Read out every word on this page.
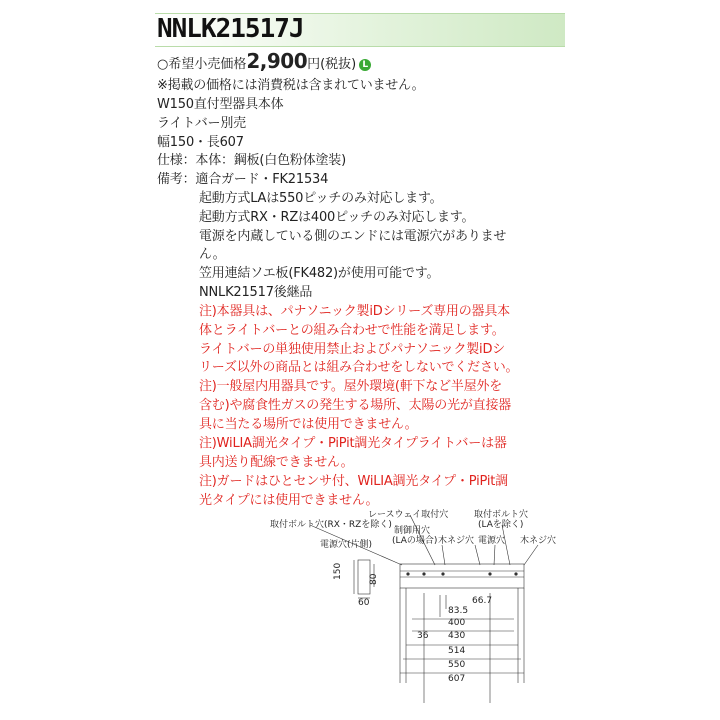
NNLK21517J
○希望小売価格2,900円(税抜) L
※掲載の価格には消費税は含まれていません。
W150直付型器具本体
ライトバー別売
幅150・長607
仕様：本体：鋼板(白色粉体塗装)
備考：適合ガード・FK21534
起動方式LAは550ピッチのみ対応します。
起動方式RX・RZは400ピッチのみ対応します。
電源を内蔵している側のエンドには電源穴がありませ
ん。
笠用連結ソエ板(FK482)が使用可能です。
NNLK21517後継品
注)本器具は、パナソニック製iDシリーズ専用の器具本
体とライトバーとの組み合わせで性能を満足します。
ライトバーの単独使用禁止およびパナソニック製iDシ
リーズ以外の商品とは組み合わせをしないでください。
注)一般屋内用器具です。屋外環境(軒下など半屋外を
含む)や腐食性ガスの発生する場所、太陽の光が直接器
具に当たる場所では使用できません。
注)WiLIA調光タイプ・PiPit調光タイプライトバーは器
具内送り配線できません。
注)ガードはひとセンサ付、WiLIA調光タイプ・PiPit調
光タイプには使用できません。
取付ボルト穴(RX・RZを除く)
レースウェイ取付穴	取付ボルト穴
(LAを除く)
制御用穴
(LAの場合) 木ネジ穴 電源穴 木ネジ穴
電源穴(片側)
150	80
60	66.7
83.5
400
36 430
514
550
607
